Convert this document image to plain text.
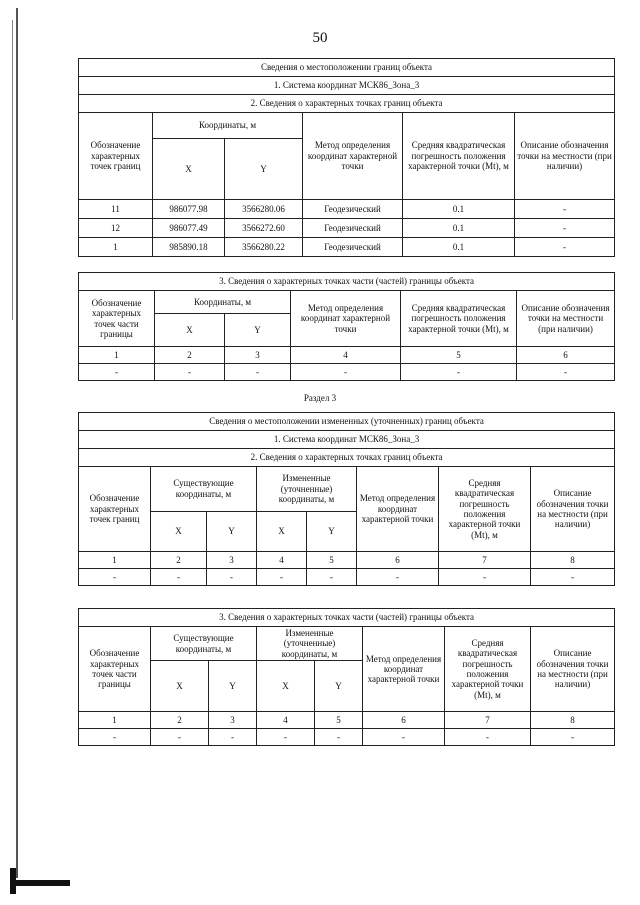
50
Сведения о местоположении границ объекта					
1. Система координат МСК86_Зона_3					
2. Сведения о характерных точках границ объекта					
Обозначение характерных точек границ	Координаты, м		Метод определения координат характерной точки	Средняя квадратическая погрешность положения характерной точки (Mt), м	Описание обозначения точки на местности (при наличии)
	X	Y			
11	986077.98	3566280.06	Геодезический	0.1	-
12	986077.49	3566272.60	Геодезический	0.1	-
1	985890.18	3566280.22	Геодезический	0.1	-
3. Сведения о характерных точках части (частей) границы объекта					
Обозначение характерных точек части границы	Координаты, м		Метод определения координат характерной точки	Средняя квадратическая погрешность положения характерной точки (Mt), м	Описание обозначения точки на местности (при наличии)
	X	Y			
1	2	3	4	5	6
-	-	-	-	-	-
Раздел 3
Сведения о местоположении измененных (уточненных) границ объекта							
1. Система координат МСК86_Зона_3							
2. Сведения о характерных точках границ объекта							
Обозначение характерных точек границ	Существующие координаты, м		Измененные (уточненные) координаты, м		Метод определения координат характерной точки	Средняя квадратическая погрешность положения характерной точки (Mt), м	Описание обозначения точки на местности (при наличии)
	X	Y	X	Y			
1	2	3	4	5	6	7	8
-	-	-	-	-	-	-	-
3. Сведения о характерных точках части (частей) границы объекта							
Обозначение характерных точек части границы	Существующие координаты, м		Измененные (уточненные) координаты, м		Метод определения координат характерной точки	Средняя квадратическая погрешность положения характерной точки (Mt), м	Описание обозначения точки на местности (при наличии)
	X	Y	X	Y			
1	2	3	4	5	6	7	8
-	-	-	-	-	-	-	-
